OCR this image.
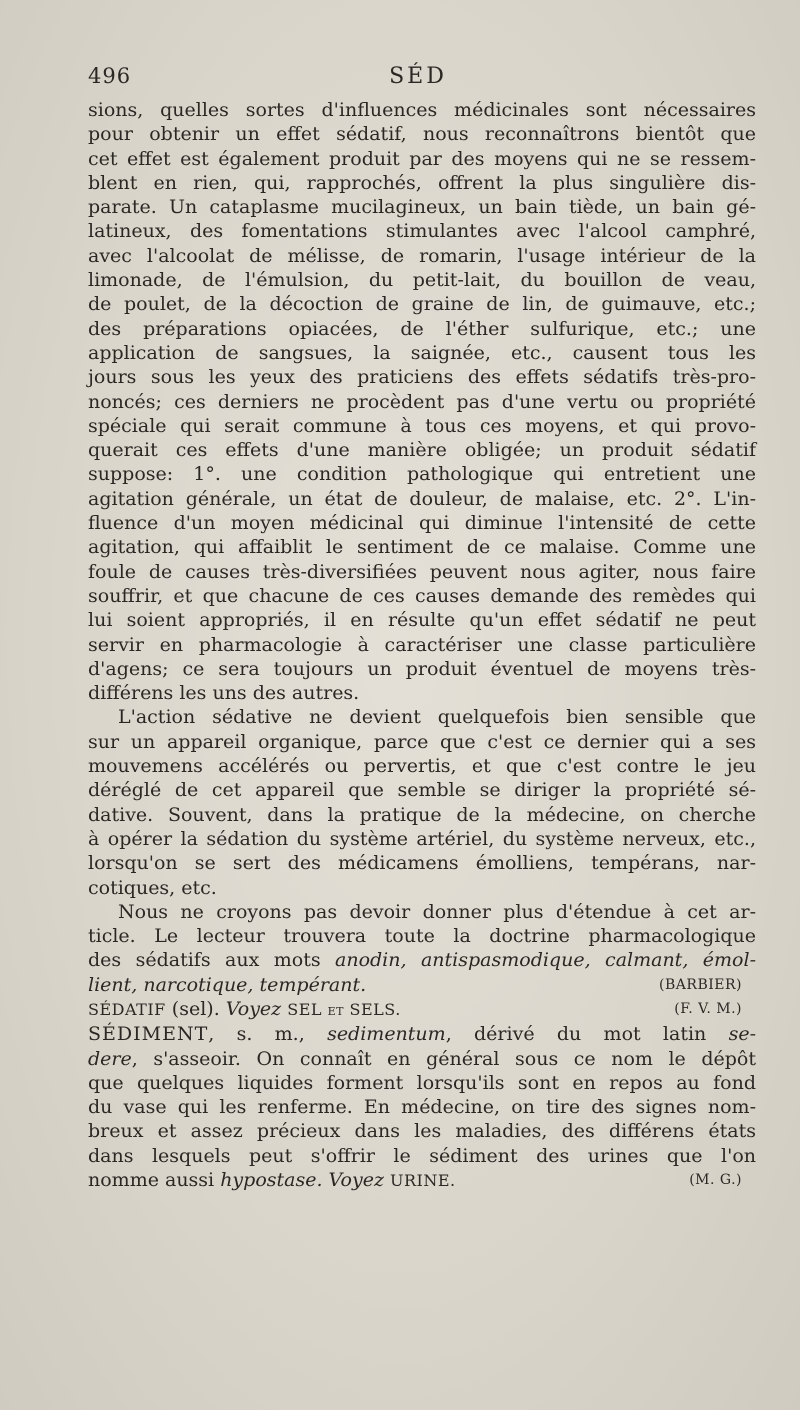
496	SÉD
sions, quelles sortes d'influences médicinales sont nécessaires
pour obtenir un effet sédatif, nous reconnaîtrons bientôt que
cet effet est également produit par des moyens qui ne se ressem-
blent en rien, qui, rapprochés, offrent la plus singulière dis-
parate. Un cataplasme mucilagineux, un bain tiède, un bain gé-
latineux, des fomentations stimulantes avec l'alcool camphré,
avec l'alcoolat de mélisse, de romarin, l'usage intérieur de la
limonade, de l'émulsion, du petit-lait, du bouillon de veau,
de poulet, de la décoction de graine de lin, de guimauve, etc.;
des préparations opiacées, de l'éther sulfurique, etc.; une
application de sangsues, la saignée, etc., causent tous les
jours sous les yeux des praticiens des effets sédatifs très-pro-
noncés; ces derniers ne procèdent pas d'une vertu ou propriété
spéciale qui serait commune à tous ces moyens, et qui provo-
querait ces effets d'une manière obligée; un produit sédatif
suppose: 1°. une condition pathologique qui entretient une
agitation générale, un état de douleur, de malaise, etc. 2°. L'in-
fluence d'un moyen médicinal qui diminue l'intensité de cette
agitation, qui affaiblit le sentiment de ce malaise. Comme une
foule de causes très-diversifiées peuvent nous agiter, nous faire
souffrir, et que chacune de ces causes demande des remèdes qui
lui soient appropriés, il en résulte qu'un effet sédatif ne peut
servir en pharmacologie à caractériser une classe particulière
d'agens; ce sera toujours un produit éventuel de moyens très-
différens les uns des autres.
L'action sédative ne devient quelquefois bien sensible que
sur un appareil organique, parce que c'est ce dernier qui a ses
mouvemens accélérés ou pervertis, et que c'est contre le jeu
déréglé de cet appareil que semble se diriger la propriété sé-
dative. Souvent, dans la pratique de la médecine, on cherche
à opérer la sédation du système artériel, du système nerveux, etc.,
lorsqu'on se sert des médicamens émolliens, tempérans, nar-
cotiques, etc.
Nous ne croyons pas devoir donner plus d'étendue à cet ar-
ticle. Le lecteur trouvera toute la doctrine pharmacologique
des sédatifs aux mots anodin, antispasmodique, calmant, émol-
lient, narcotique, tempérant.	(BARBIER)
SÉDATIF (sel). Voyez SEL et SELS.	(F. V. M.)
SÉDIMENT, s. m., sedimentum, dérivé du mot latin se-
dere, s'asseoir. On connaît en général sous ce nom le dépôt
que quelques liquides forment lorsqu'ils sont en repos au fond
du vase qui les renferme. En médecine, on tire des signes nom-
breux et assez précieux dans les maladies, des différens états
dans lesquels peut s'offrir le sédiment des urines que l'on
nomme aussi hypostase. Voyez URINE.	(M. G.)
